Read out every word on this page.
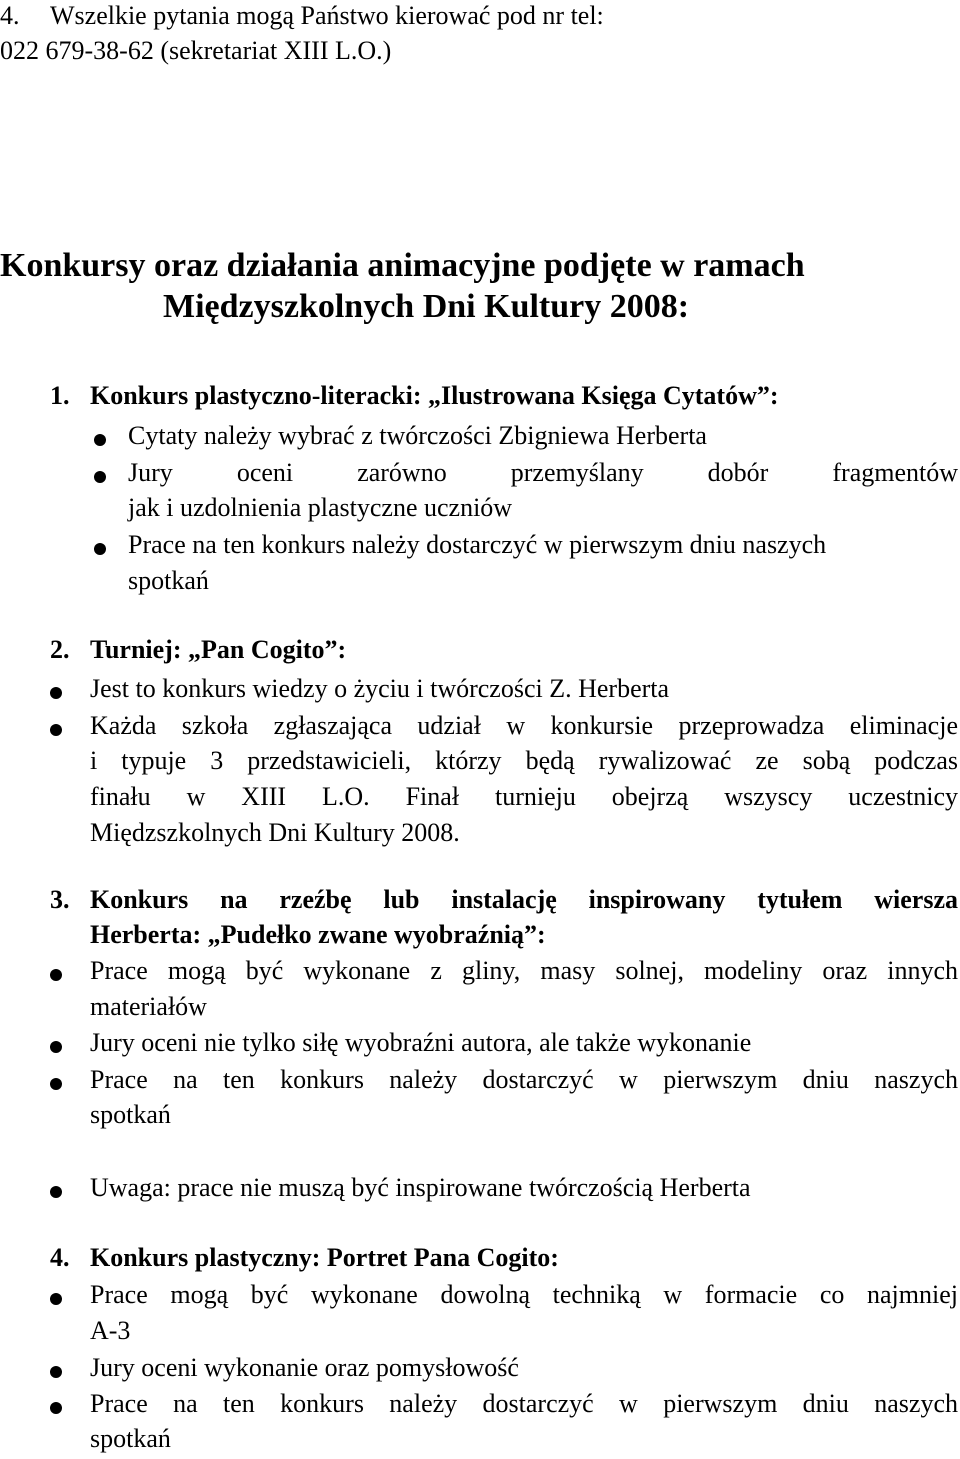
4. Wszelkie pytania mogą Państwo kierować pod nr tel:
022 679-38-62 (sekretariat XIII L.O.)
Konkursy oraz działania animacyjne podjęte w ramach
Międzyszkolnych Dni Kultury 2008:
1. Konkurs plastyczno-literacki: „Ilustrowana Księga Cytatów”:
Cytaty należy wybrać z twórczości Zbigniewa Herberta
Jury oceni zarówno przemyślany dobór fragmentów
jak i uzdolnienia plastyczne uczniów
Prace na ten konkurs należy dostarczyć w pierwszym dniu naszych
spotkań
2. Turniej: „Pan Cogito”:
Jest to konkurs wiedzy o życiu i twórczości Z. Herberta
Każda szkoła zgłaszająca udział w konkursie przeprowadza eliminacje
i typuje 3 przedstawicieli, którzy będą rywalizować ze sobą podczas
finału w XIII L.O. Finał turnieju obejrzą wszyscy uczestnicy
Międzszkolnych Dni Kultury 2008.
3. Konkurs na rzeźbę lub instalację inspirowany tytułem wiersza
Herberta: „Pudełko zwane wyobraźnią”:
Prace mogą być wykonane z gliny, masy solnej, modeliny oraz innych
materiałów
Jury oceni nie tylko siłę wyobraźni autora, ale także wykonanie
Prace na ten konkurs należy dostarczyć w pierwszym dniu naszych
spotkań
Uwaga: prace nie muszą być inspirowane twórczością Herberta
4. Konkurs plastyczny: Portret Pana Cogito:
Prace mogą być wykonane dowolną techniką w formacie co najmniej
A-3
Jury oceni wykonanie oraz pomysłowość
Prace na ten konkurs należy dostarczyć w pierwszym dniu naszych
spotkań
